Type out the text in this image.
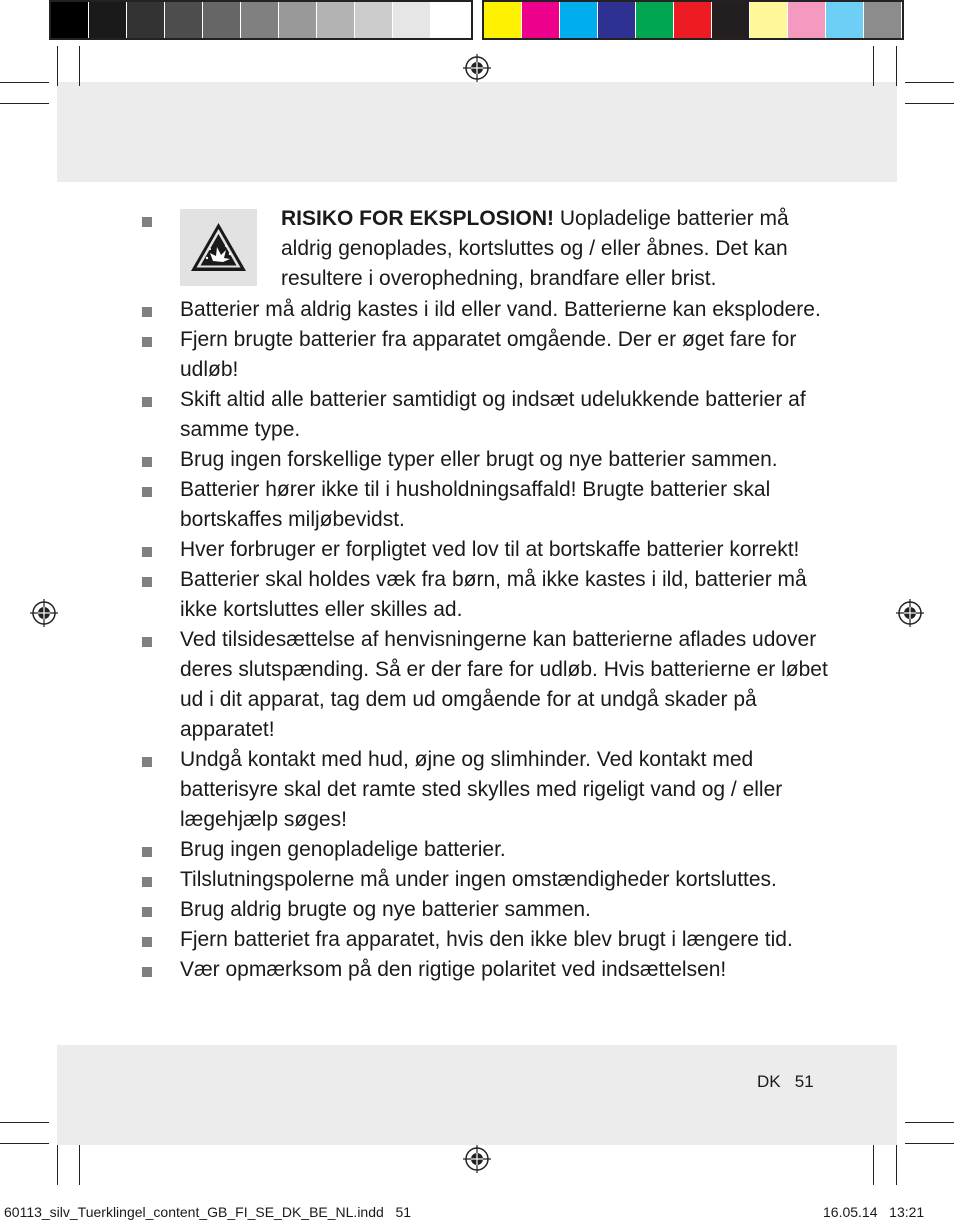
RISIKO FOR EKSPLOSION! Uopladelige batterier må aldrig genoplades, kortsluttes og / eller åbnes. Det kan resultere i overophedning, brandfare eller brist.
Batterier må aldrig kastes i ild eller vand. Batterierne kan eksplodere.
Fjern brugte batterier fra apparatet omgående. Der er øget fare for udløb!
Skift altid alle batterier samtidigt og indsæt udelukkende batterier af samme type.
Brug ingen forskellige typer eller brugt og nye batterier sammen.
Batterier hører ikke til i husholdningsaffald! Brugte batterier skal bortskaffes miljøbevidst.
Hver forbruger er forpligtet ved lov til at bortskaffe batterier korrekt!
Batterier skal holdes væk fra børn, må ikke kastes i ild, batterier må ikke kortsluttes eller skilles ad.
Ved tilsidesættelse af henvisningerne kan batterierne aflades udover deres slutspænding. Så er der fare for udløb. Hvis batterierne er løbet ud i dit apparat, tag dem ud omgående for at undgå skader på apparatet!
Undgå kontakt med hud, øjne og slimhinder. Ved kontakt med batterisyre skal det ramte sted skylles med rigeligt vand og / eller lægehjælp søges!
Brug ingen genopladelige batterier.
Tilslutningspolerne må under ingen omstændigheder kortsluttes.
Brug aldrig brugte og nye batterier sammen.
Fjern batteriet fra apparatet, hvis den ikke blev brugt i længere tid.
Vær opmærksom på den rigtige polaritet ved indsættelsen!
DK   51
60113_silv_Tuerklingel_content_GB_FI_SE_DK_BE_NL.indd   51	16.05.14   13:21
